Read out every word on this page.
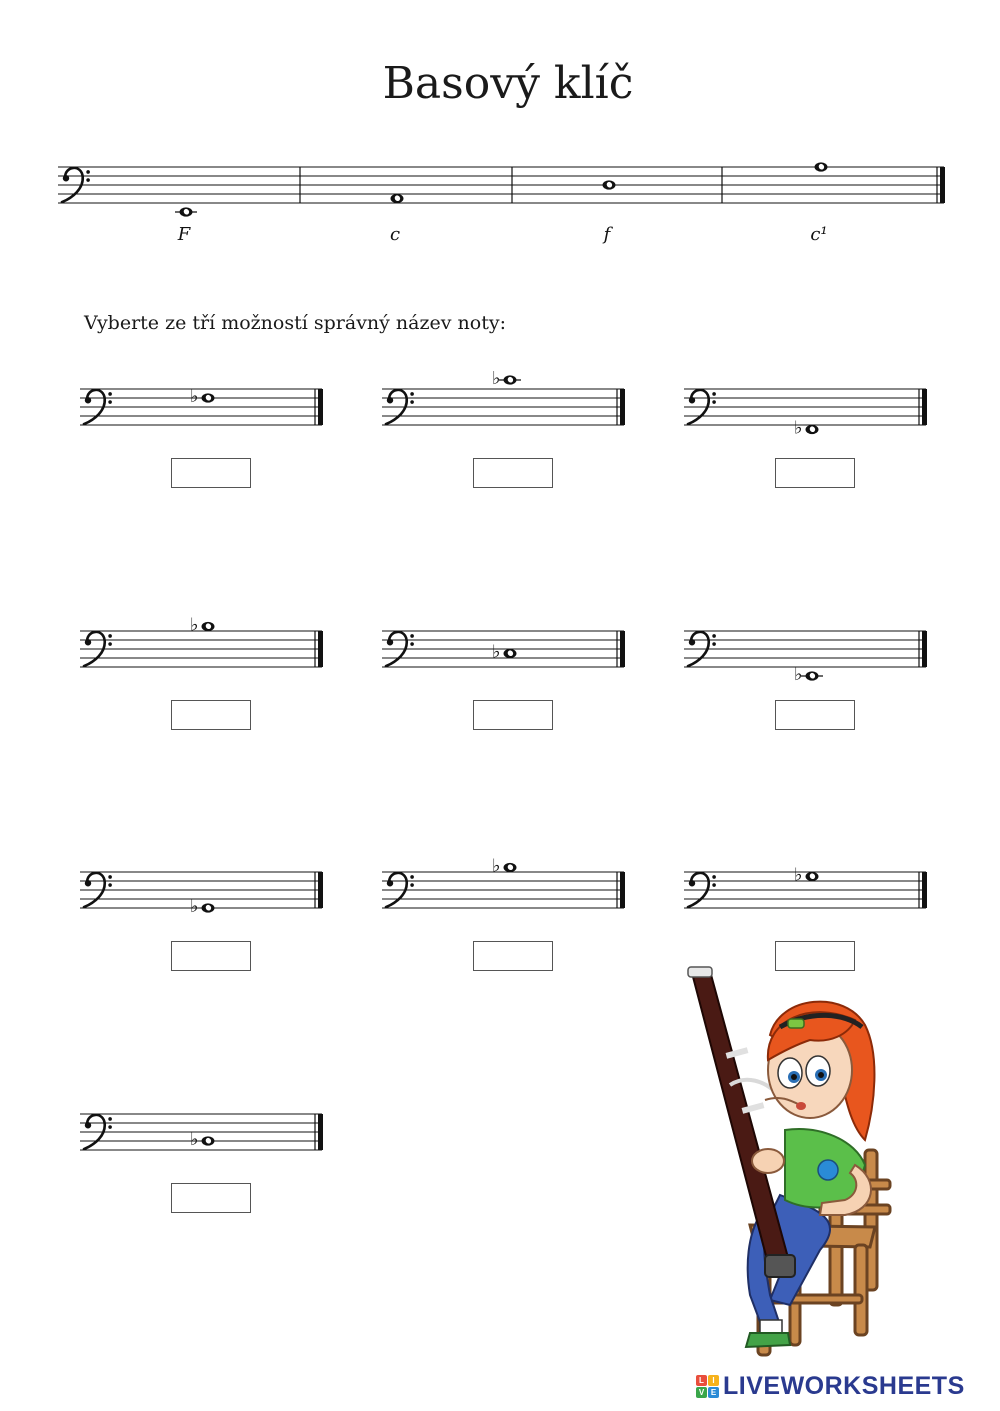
Basový klíč
F	c	f	c¹
Vyberte ze tří možností správný název noty:
♭
♭
♭
♭
♭
♭
♭
♭	♭
♭
L	I
V E LIVEWORKSHEETS
